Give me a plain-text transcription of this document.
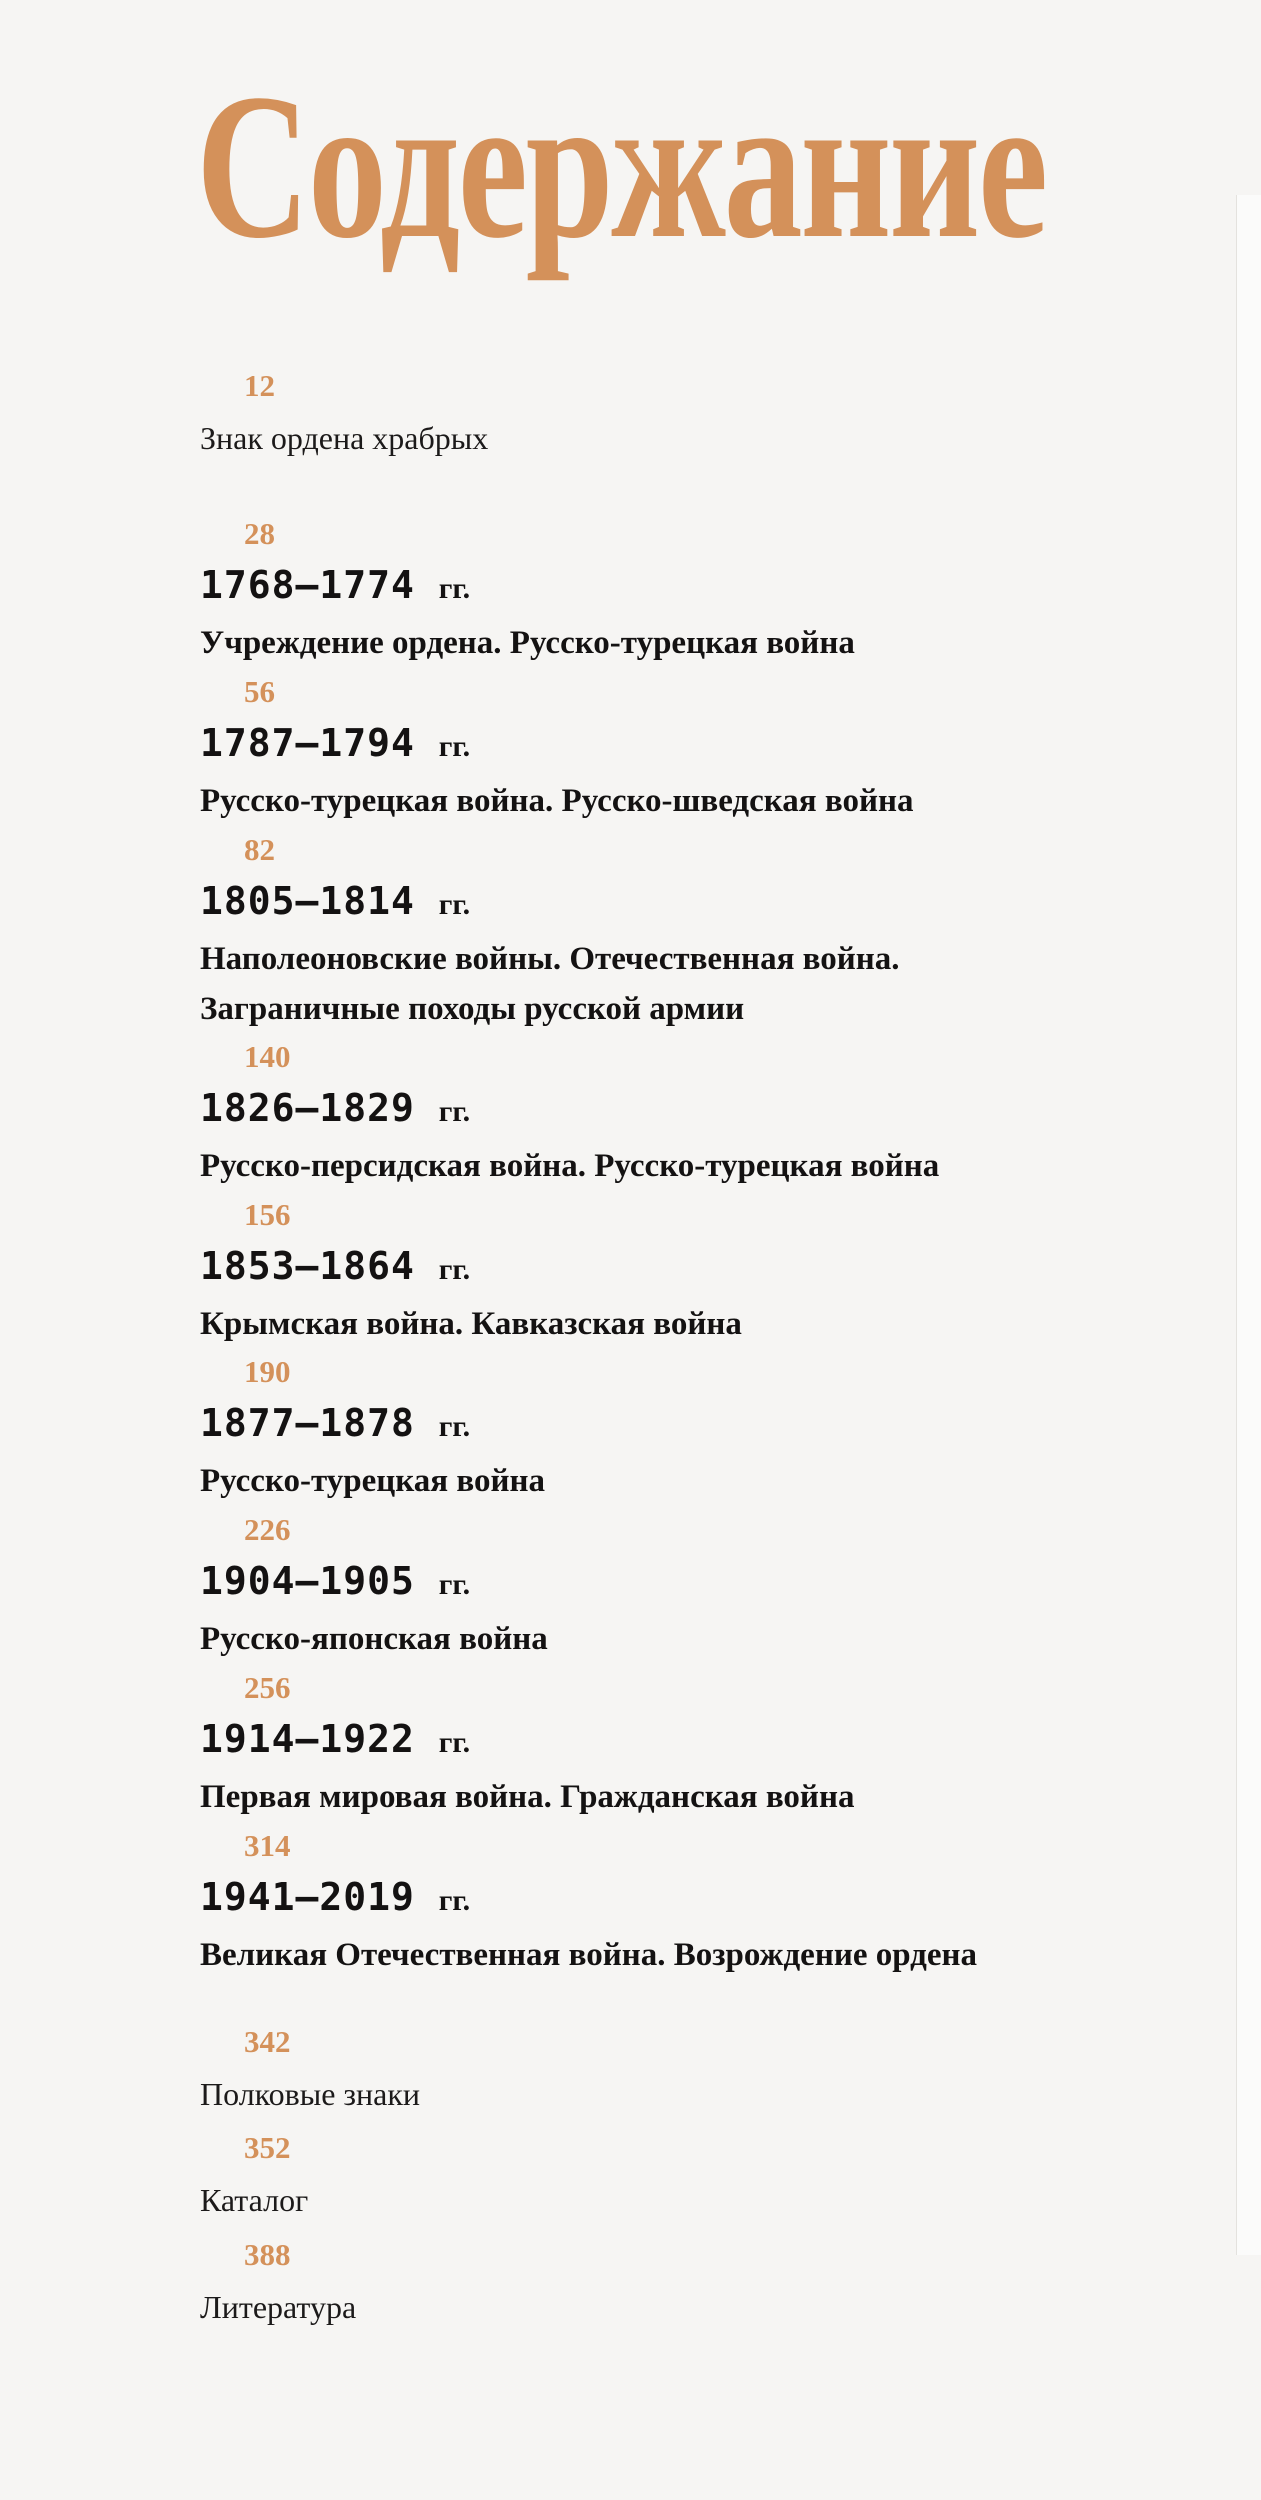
Содержание
12
Знак ордена храбрых
28
1768–1774 гг.
Учреждение ордена. Русско-турецкая война
56
1787–1794 гг.
Русско-турецкая война. Русско-шведская война
82
1805–1814 гг.
Наполеоновские войны. Отечественная война.
Заграничные походы русской армии
140
1826–1829 гг.
Русско-персидская война. Русско-турецкая война
156
1853–1864 гг.
Крымская война. Кавказская война
190
1877–1878 гг.
Русско-турецкая война
226
1904–1905 гг.
Русско-японская война
256
1914–1922 гг.
Первая мировая война. Гражданская война
314
1941–2019 гг.
Великая Отечественная война. Возрождение ордена
342
Полковые знаки
352
Каталог
388
Литература
